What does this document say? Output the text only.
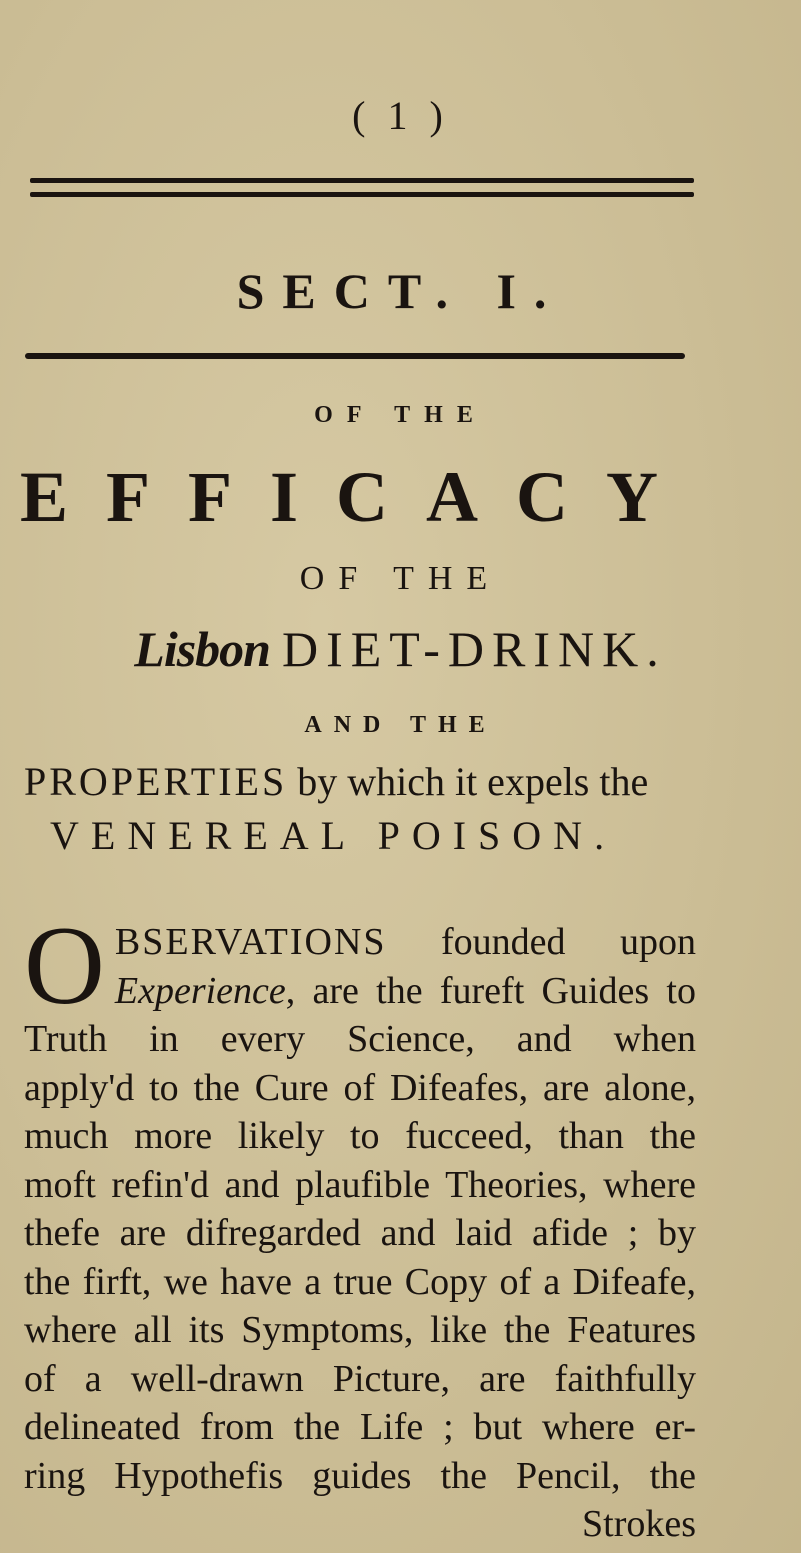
( 1 )
SECT. I.
OF THE
EFFICACY
OF THE
Lisbon DIET-DRINK.
AND THE
PROPERTIES by which it expels the
VENEREAL POISON.
O BSERVATIONS founded upon
Experience, are the fureft Guides to
Truth in every Science, and when
apply'd to the Cure of Difeafes, are alone,
much more likely to fucceed, than the
moft refin'd and plaufible Theories, where
thefe are difregarded and laid afide ; by
the firft, we have a true Copy of a Difeafe,
where all its Symptoms, like the Features
of a well-drawn Picture, are faithfully
delineated from the Life ; but where er-
ring Hypothefis guides the Pencil, the
Strokes
